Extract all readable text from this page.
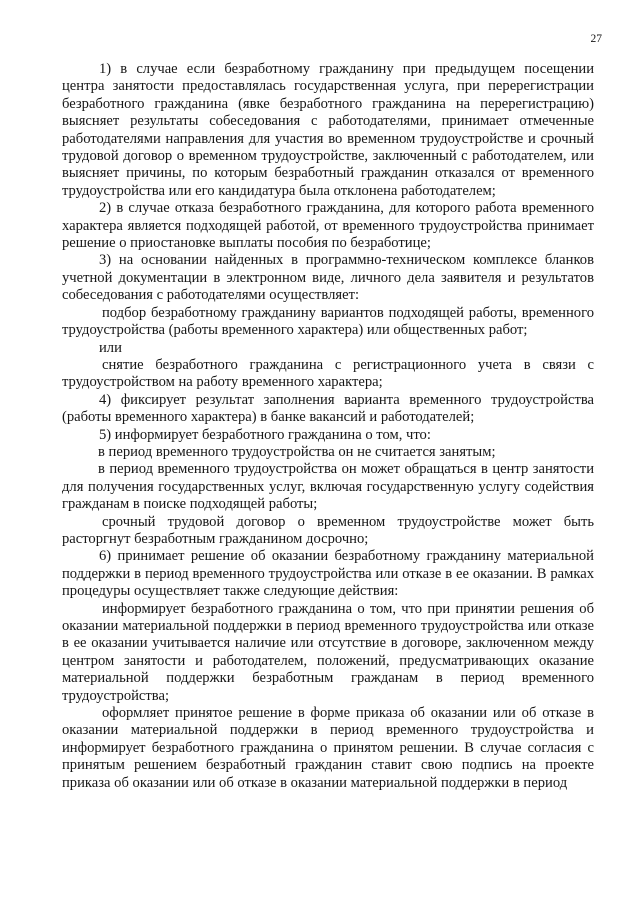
27

1) в случае если безработному гражданину при предыдущем посещении центра занятости предоставлялась государственная услуга, при перерегистрации безработного гражданина (явке безработного гражданина на перерегистрацию) выясняет результаты собеседования с работодателями, принимает отмеченные работодателями направления для участия во временном трудоустройстве и срочный трудовой договор о временном трудоустройстве, заключенный с работодателем, или выясняет причины, по которым безработный гражданин отказался от временного трудоустройства или его кандидатура была отклонена работодателем;

2) в случае отказа безработного гражданина, для которого работа временного характера является подходящей работой, от временного трудоустройства принимает решение о приостановке выплаты пособия по безработице;

3) на основании найденных в программно-техническом комплексе бланков учетной документации в электронном виде, личного дела заявителя и результатов собеседования с работодателями осуществляет:

подбор безработному гражданину вариантов подходящей работы, временного трудоустройства (работы временного характера) или общественных работ;

или

снятие безработного гражданина с регистрационного учета в связи с трудоустройством на работу временного характера;

4) фиксирует результат заполнения варианта временного трудоустройства (работы временного характера) в банке вакансий и работодателей;

5) информирует безработного гражданина о том, что:

в период временного трудоустройства он не считается занятым;

в период временного трудоустройства он может обращаться в центр занятости для получения государственных услуг, включая государственную услугу содействия гражданам в поиске подходящей работы;

срочный трудовой договор о временном трудоустройстве может быть расторгнут безработным гражданином досрочно;

6) принимает решение об оказании безработному гражданину материальной поддержки в период временного трудоустройства или отказе в ее оказании. В рамках процедуры осуществляет также следующие действия:

информирует безработного гражданина о том, что при принятии решения об оказании материальной поддержки в период временного трудоустройства или отказе в ее оказании учитывается наличие или отсутствие в договоре, заключенном между центром занятости и работодателем, положений, предусматривающих оказание материальной поддержки безработным гражданам в период временного трудоустройства;

оформляет принятое решение в форме приказа об оказании или об отказе в оказании материальной поддержки в период временного трудоустройства и информирует безработного гражданина о принятом решении. В случае согласия с принятым решением безработный гражданин ставит свою подпись на проекте приказа об оказании или об отказе в оказании материальной поддержки в период
